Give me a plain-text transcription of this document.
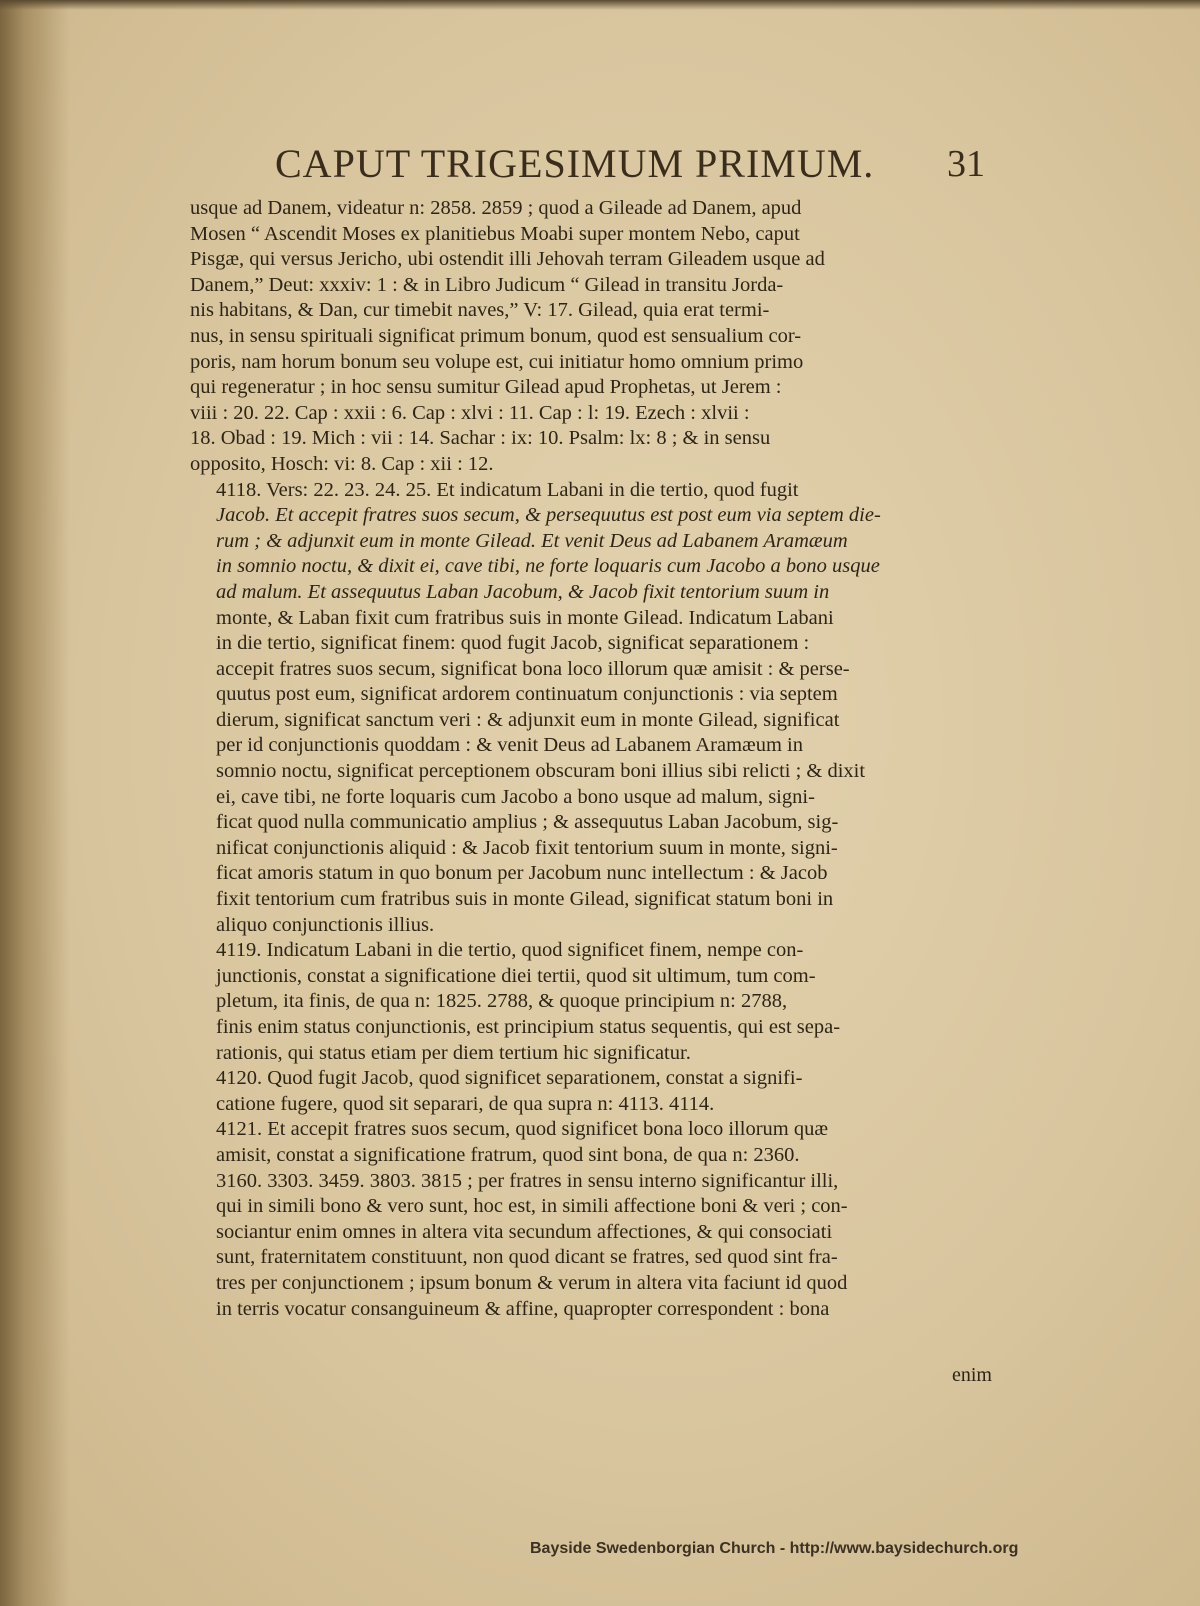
CAPUT TRIGESIMUM PRIMUM. 31

usque ad Danem, videatur n: 2858. 2859 ; quod a Gileade ad Danem, apud
Mosen “ Ascendit Moses ex planitiebus Moabi super montem Nebo, caput
Pisgæ, qui versus Jericho, ubi ostendit illi Jehovah terram Gileadem usque ad
Danem,” Deut: xxxiv: 1 : & in Libro Judicum “ Gilead in transitu Jorda-
nis habitans, & Dan, cur timebit naves,” V: 17. Gilead, quia erat termi-
nus, in sensu spirituali significat primum bonum, quod est sensualium cor-
poris, nam horum bonum seu volupe est, cui initiatur homo omnium primo
qui regeneratur ; in hoc sensu sumitur Gilead apud Prophetas, ut Jerem :
viii : 20. 22. Cap : xxii : 6. Cap : xlvi : 11. Cap : l: 19. Ezech : xlvii :
18. Obad : 19. Mich : vii : 14. Sachar : ix: 10. Psalm: lx: 8 ; & in sensu
opposito, Hosch: vi: 8. Cap : xii : 12.

4118. Vers: 22. 23. 24. 25. Et indicatum Labani in die tertio, quod fugit
Jacob. Et accepit fratres suos secum, & persequutus est post eum via septem die-
rum ; & adjunxit eum in monte Gilead. Et venit Deus ad Labanem Aramæum
in somnio noctu, & dixit ei, cave tibi, ne forte loquaris cum Jacobo a bono usque
ad malum. Et assequutus Laban Jacobum, & Jacob fixit tentorium suum in
monte, & Laban fixit cum fratribus suis in monte Gilead. Indicatum Labani
in die tertio, significat finem: quod fugit Jacob, significat separationem :
accepit fratres suos secum, significat bona loco illorum quæ amisit : & perse-
quutus post eum, significat ardorem continuatum conjunctionis : via septem
dierum, significat sanctum veri : & adjunxit eum in monte Gilead, significat
per id conjunctionis quoddam : & venit Deus ad Labanem Aramæum in
somnio noctu, significat perceptionem obscuram boni illius sibi relicti ; & dixit
ei, cave tibi, ne forte loquaris cum Jacobo a bono usque ad malum, signi-
ficat quod nulla communicatio amplius ; & assequutus Laban Jacobum, sig-
nificat conjunctionis aliquid : & Jacob fixit tentorium suum in monte, signi-
ficat amoris statum in quo bonum per Jacobum nunc intellectum : & Jacob
fixit tentorium cum fratribus suis in monte Gilead, significat statum boni in
aliquo conjunctionis illius.

4119. Indicatum Labani in die tertio, quod significet finem, nempe con-
junctionis, constat a significatione diei tertii, quod sit ultimum, tum com-
pletum, ita finis, de qua n: 1825. 2788, & quoque principium n: 2788,
finis enim status conjunctionis, est principium status sequentis, qui est sepa-
rationis, qui status etiam per diem tertium hic significatur.

4120. Quod fugit Jacob, quod significet separationem, constat a signifi-
catione fugere, quod sit separari, de qua supra n: 4113. 4114.

4121. Et accepit fratres suos secum, quod significet bona loco illorum quæ
amisit, constat a significatione fratrum, quod sint bona, de qua n: 2360.
3160. 3303. 3459. 3803. 3815 ; per fratres in sensu interno significantur illi,
qui in simili bono & vero sunt, hoc est, in simili affectione boni & veri ; con-
sociantur enim omnes in altera vita secundum affectiones, & qui consociati
sunt, fraternitatem constituunt, non quod dicant se fratres, sed quod sint fra-
tres per conjunctionem ; ipsum bonum & verum in altera vita faciunt id quod
in terris vocatur consanguineum & affine, quapropter correspondent : bona

enim
Bayside Swedenborgian Church - http://www.baysidechurch.org
